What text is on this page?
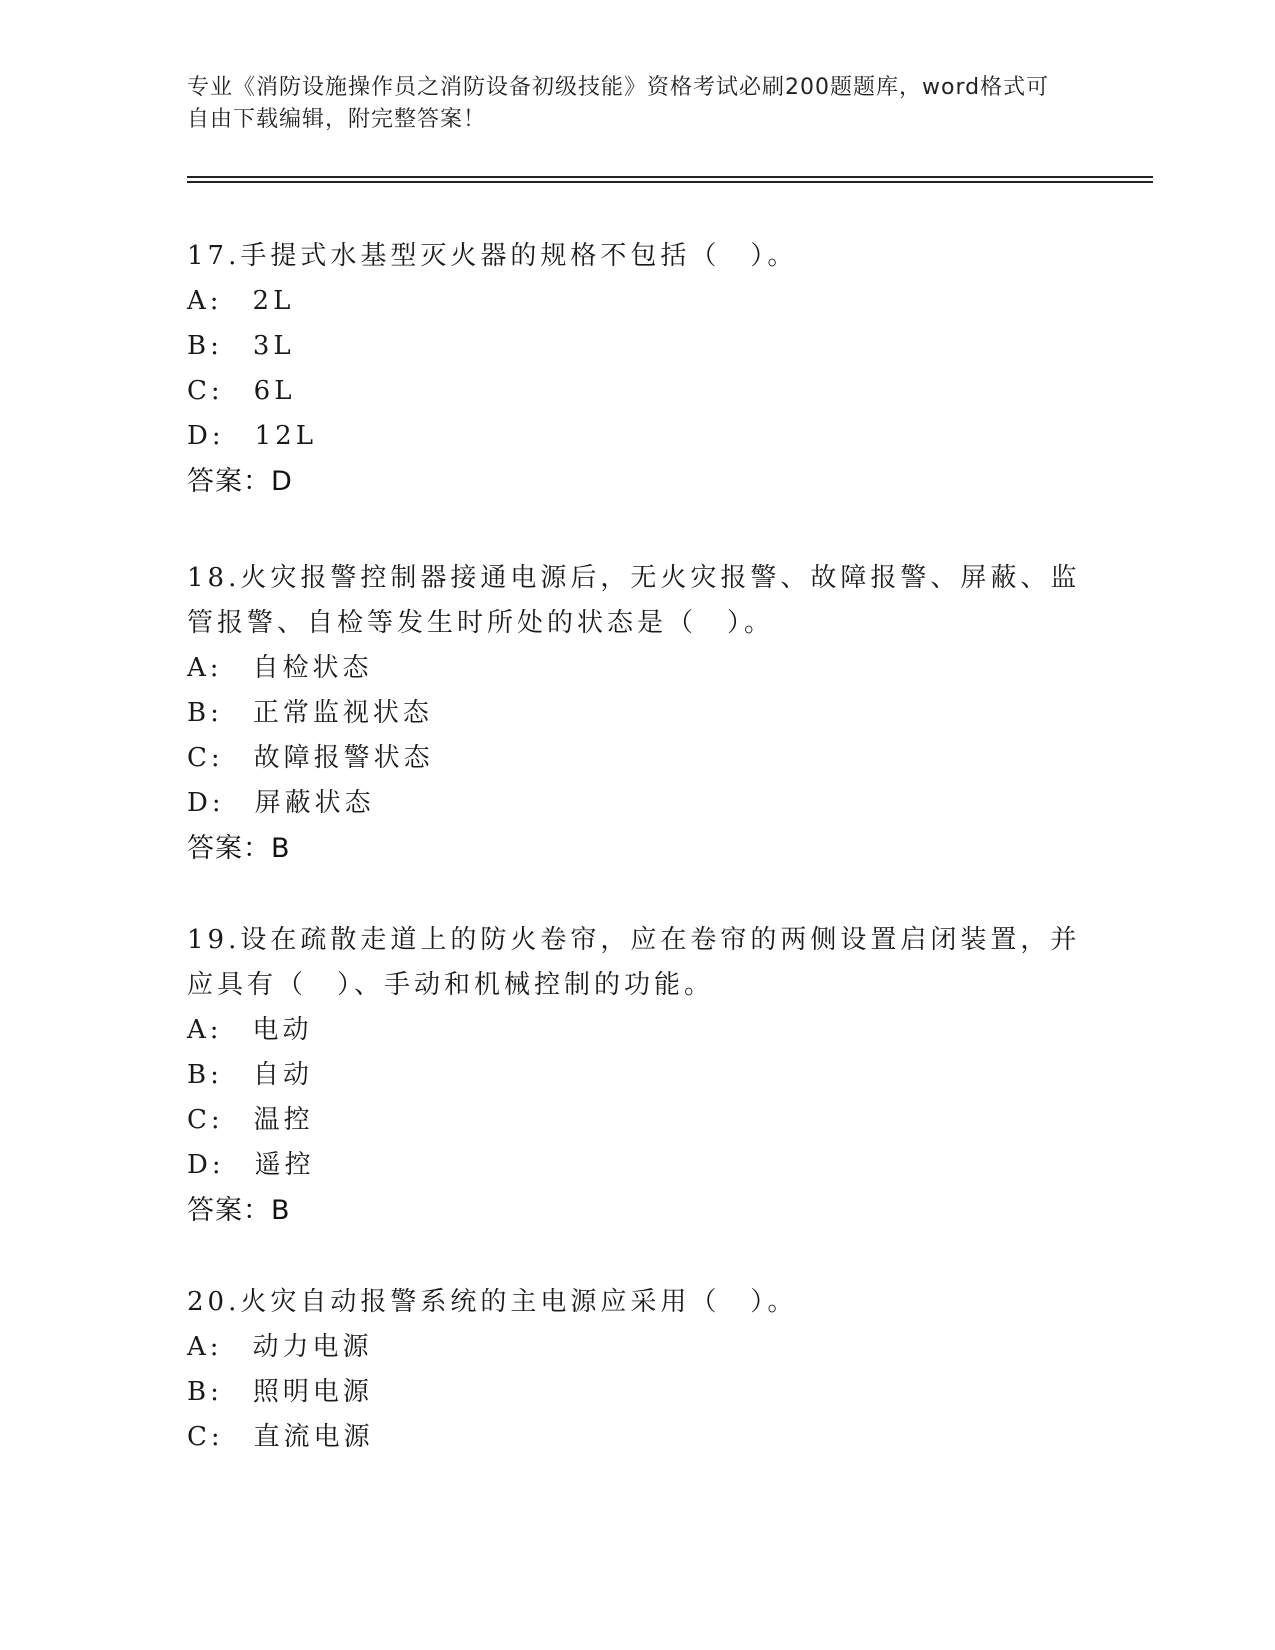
专业《消防设施操作员之消防设备初级技能》资格考试必刷200题题库，word格式可自由下载编辑，附完整答案！

17.手提式水基型灭火器的规格不包括（　）。

A:　2L

B:　3L

C:　6L

D:　12L

答案：D

18.火灾报警控制器接通电源后，无火灾报警、故障报警、屏蔽、监管报警、自检等发生时所处的状态是（　）。

A:　自检状态

B:　正常监视状态

C:　故障报警状态

D:　屏蔽状态

答案：B

19.设在疏散走道上的防火卷帘，应在卷帘的两侧设置启闭装置，并应具有（　）、手动和机械控制的功能。

A:　电动

B:　自动

C:　温控

D:　遥控

答案：B

20.火灾自动报警系统的主电源应采用（　）。

A:　动力电源

B:　照明电源

C:　直流电源
